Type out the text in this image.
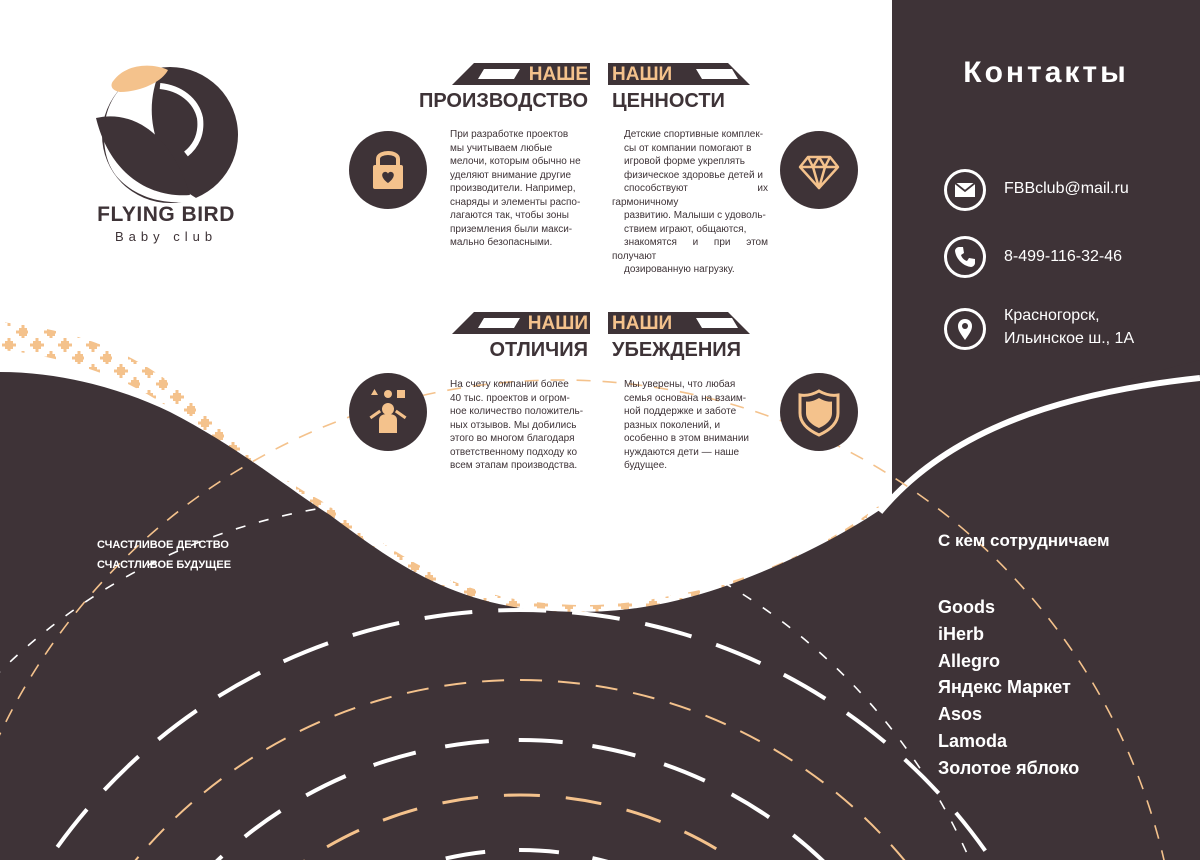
FLYING BIRD
Baby club
НАШЕ
ПРОИЗВОДСТВО
НАШИ
ЦЕННОСТИ
НАШИ
ОТЛИЧИЯ
НАШИ
УБЕЖДЕНИЯ
При разработке проектов
мы учитываем любые
мелочи, которым обычно не
уделяют внимание другие
производители. Например,
снаряды и элементы распо-
лагаются так, чтобы зоны
приземления были макси-
мально безопасными.
Детские спортивные комплек-
сы от компании помогают в
игровой форме укреплять
физическое здоровье детей и
способствуют их гармоничному
развитию. Малыши с удоволь-
ствием играют, общаются,
знакомятся и при этом получают
дозированную нагрузку.
На счету компании более
40 тыс. проектов и огром-
ное количество положитель-
ных отзывов. Мы добились
этого во многом благодаря
ответственному подходу ко
всем этапам производства.
Мы уверены, что любая
семья основана на взаим-
ной поддержке и заботе
разных поколений, и
особенно в этом внимании
нуждаются дети — наше
будущее.
Контакты
FBBclub@mail.ru
8-499-116-32-46
Красногорск,
Ильинское ш., 1А
СЧАСТЛИВОЕ ДЕТСТВО
СЧАСТЛИВОЕ БУДУЩЕЕ
С кем сотрудничаем
Goods
iHerb
Allegro
Яндекс Маркет
Asos
Lamoda
Золотое яблоко
